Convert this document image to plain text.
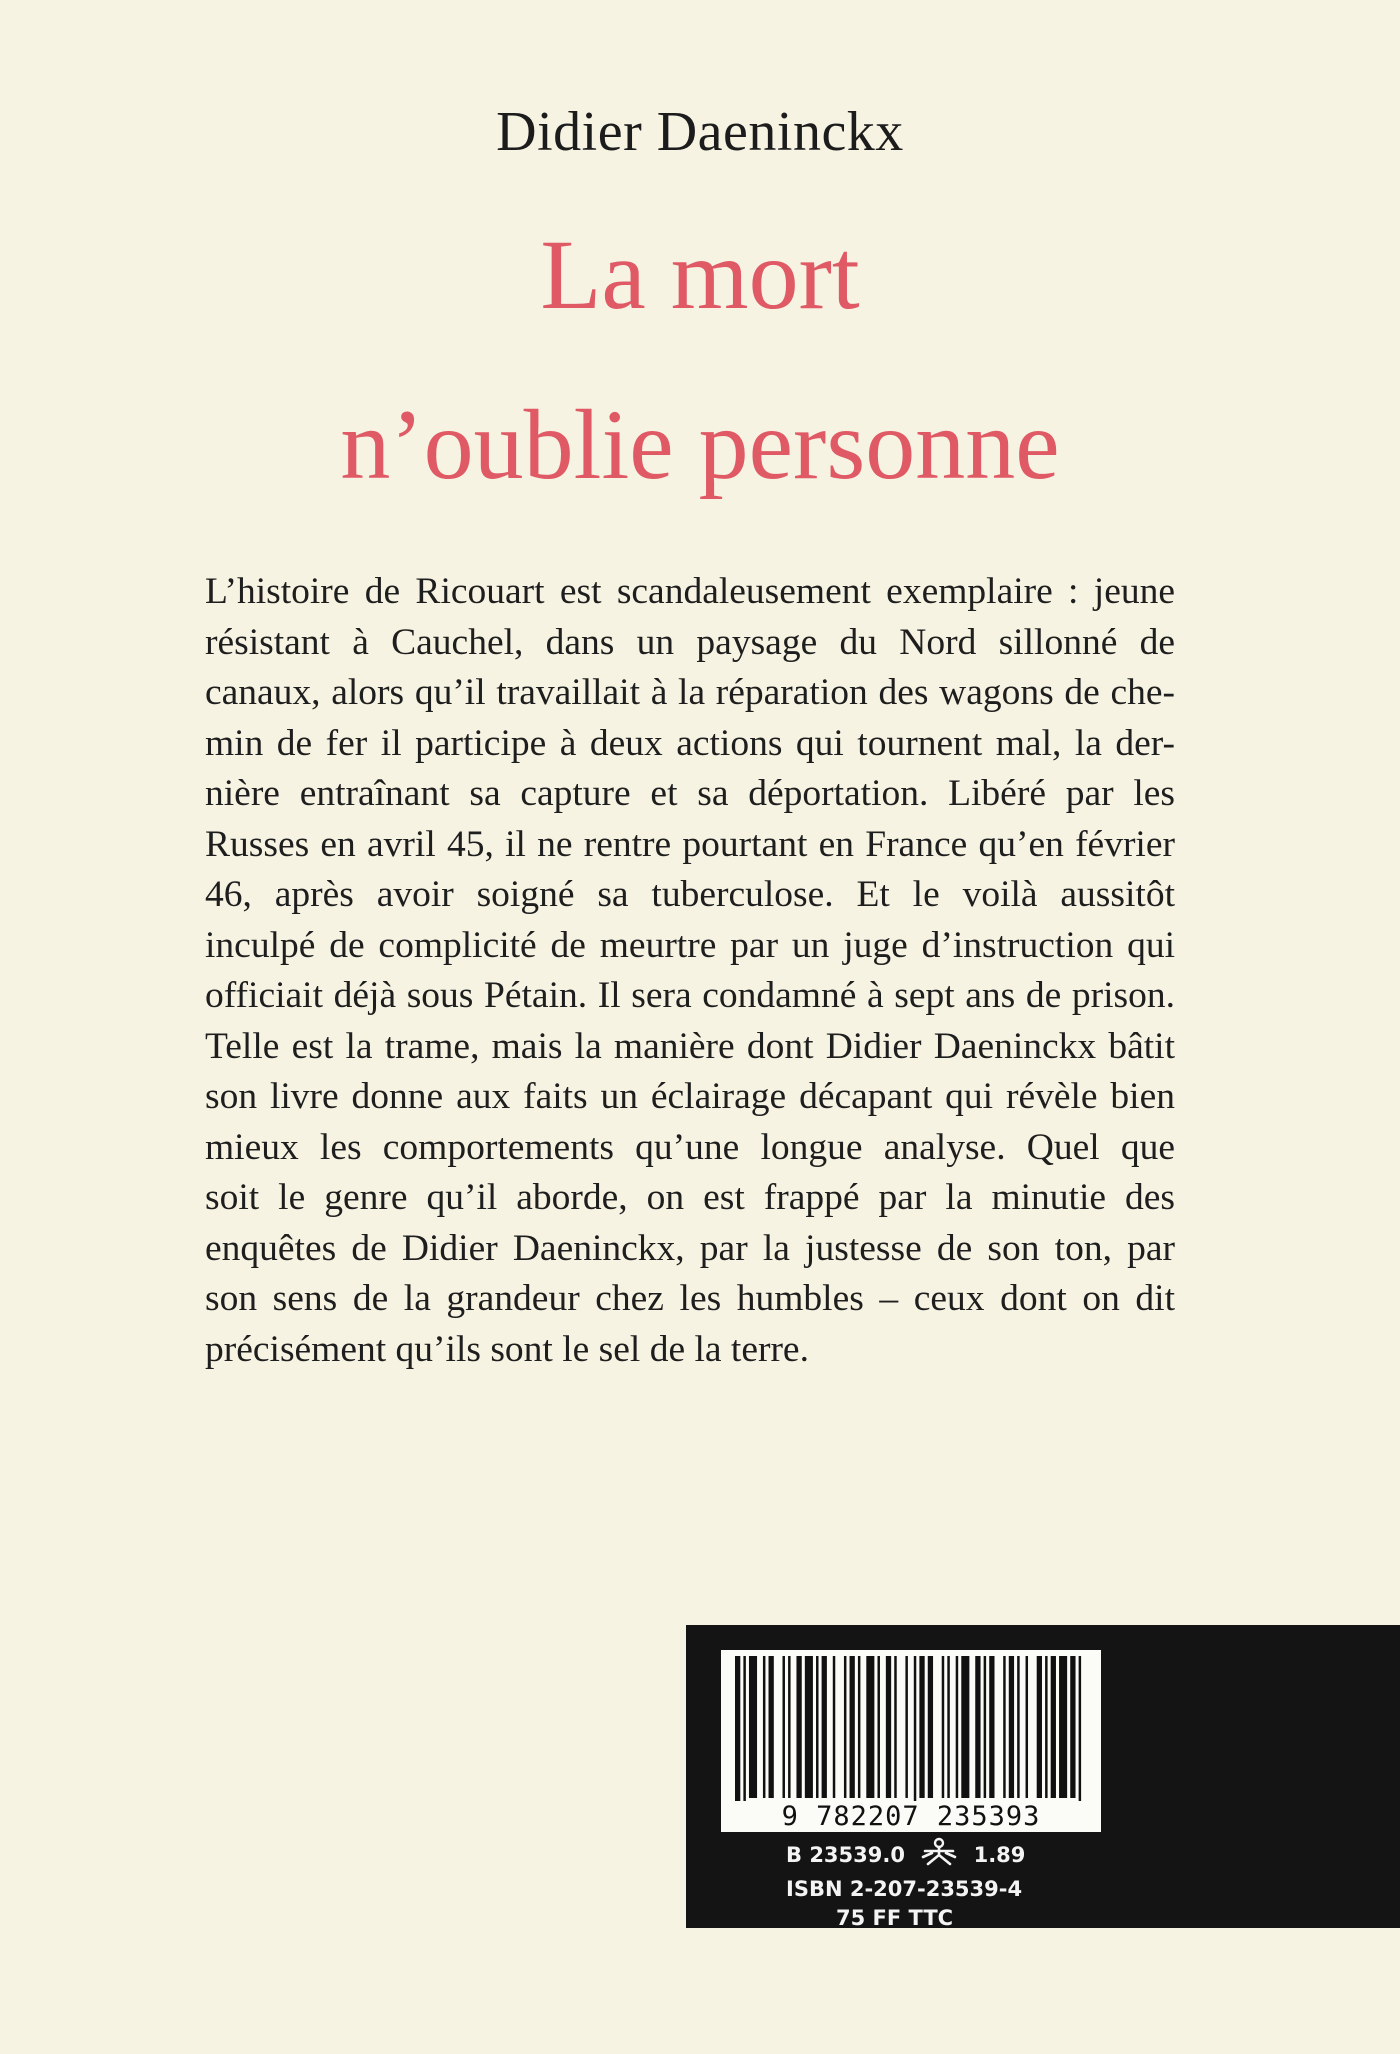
Didier Daeninckx
La mort
n’oublie personne
L’histoire de Ricouart est scandaleusement exemplaire : jeune
résistant à Cauchel, dans un paysage du Nord sillonné de
canaux, alors qu’il travaillait à la réparation des wagons de che-
min de fer il participe à deux actions qui tournent mal, la der-
nière entraînant sa capture et sa déportation. Libéré par les
Russes en avril 45, il ne rentre pourtant en France qu’en février
46, après avoir soigné sa tuberculose. Et le voilà aussitôt
inculpé de complicité de meurtre par un juge d’instruction qui
officiait déjà sous Pétain. Il sera condamné à sept ans de prison.
Telle est la trame, mais la manière dont Didier Daeninckx bâtit
son livre donne aux faits un éclairage décapant qui révèle bien
mieux les comportements qu’une longue analyse. Quel que
soit le genre qu’il aborde, on est frappé par la minutie des
enquêtes de Didier Daeninckx, par la justesse de son ton, par
son sens de la grandeur chez les humbles – ceux dont on dit
précisément qu’ils sont le sel de la terre.
9 782207 235393
B 23539.0	1.89
ISBN 2-207-23539-4
75 FF TTC
